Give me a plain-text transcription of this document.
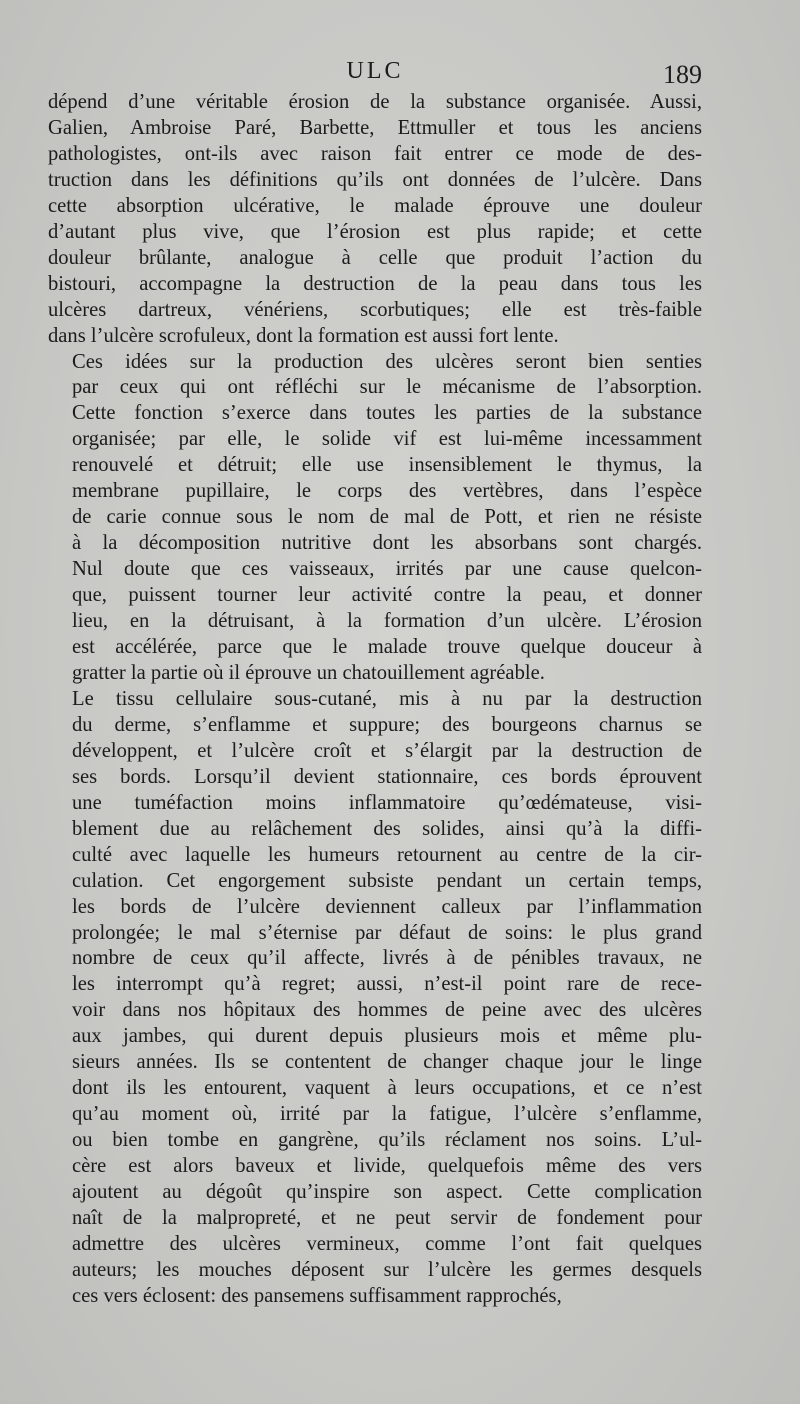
ULC	189

dépend d’une véritable érosion de la substance organisée. Aussi,
Galien, Ambroise Paré, Barbette, Ettmuller et tous les anciens
pathologistes, ont-ils avec raison fait entrer ce mode de des-
truction dans les définitions qu’ils ont données de l’ulcère. Dans
cette absorption ulcérative, le malade éprouve une douleur
d’autant plus vive, que l’érosion est plus rapide; et cette
douleur brûlante, analogue à celle que produit l’action du
bistouri, accompagne la destruction de la peau dans tous les
ulcères dartreux, vénériens, scorbutiques; elle est très-faible
dans l’ulcère scrofuleux, dont la formation est aussi fort lente.

Ces idées sur la production des ulcères seront bien senties
par ceux qui ont réfléchi sur le mécanisme de l’absorption.
Cette fonction s’exerce dans toutes les parties de la substance
organisée; par elle, le solide vif est lui-même incessamment
renouvelé et détruit; elle use insensiblement le thymus, la
membrane pupillaire, le corps des vertèbres, dans l’espèce
de carie connue sous le nom de mal de Pott, et rien ne résiste
à la décomposition nutritive dont les absorbans sont chargés.
Nul doute que ces vaisseaux, irrités par une cause quelcon-
que, puissent tourner leur activité contre la peau, et donner
lieu, en la détruisant, à la formation d’un ulcère. L’érosion
est accélérée, parce que le malade trouve quelque douceur à
gratter la partie où il éprouve un chatouillement agréable.

Le tissu cellulaire sous-cutané, mis à nu par la destruction
du derme, s’enflamme et suppure; des bourgeons charnus se
développent, et l’ulcère croît et s’élargit par la destruction de
ses bords. Lorsqu’il devient stationnaire, ces bords éprouvent
une tuméfaction moins inflammatoire qu’œdémateuse, visi-
blement due au relâchement des solides, ainsi qu’à la diffi-
culté avec laquelle les humeurs retournent au centre de la cir-
culation. Cet engorgement subsiste pendant un certain temps,
les bords de l’ulcère deviennent calleux par l’inflammation
prolongée; le mal s’éternise par défaut de soins: le plus grand
nombre de ceux qu’il affecte, livrés à de pénibles travaux, ne
les interrompt qu’à regret; aussi, n’est-il point rare de rece-
voir dans nos hôpitaux des hommes de peine avec des ulcères
aux jambes, qui durent depuis plusieurs mois et même plu-
sieurs années. Ils se contentent de changer chaque jour le linge
dont ils les entourent, vaquent à leurs occupations, et ce n’est
qu’au moment où, irrité par la fatigue, l’ulcère s’enflamme,
ou bien tombe en gangrène, qu’ils réclament nos soins. L’ul-
cère est alors baveux et livide, quelquefois même des vers
ajoutent au dégoût qu’inspire son aspect. Cette complication
naît de la malpropreté, et ne peut servir de fondement pour
admettre des ulcères vermineux, comme l’ont fait quelques
auteurs; les mouches déposent sur l’ulcère les germes desquels
ces vers éclosent: des pansemens suffisamment rapprochés,
